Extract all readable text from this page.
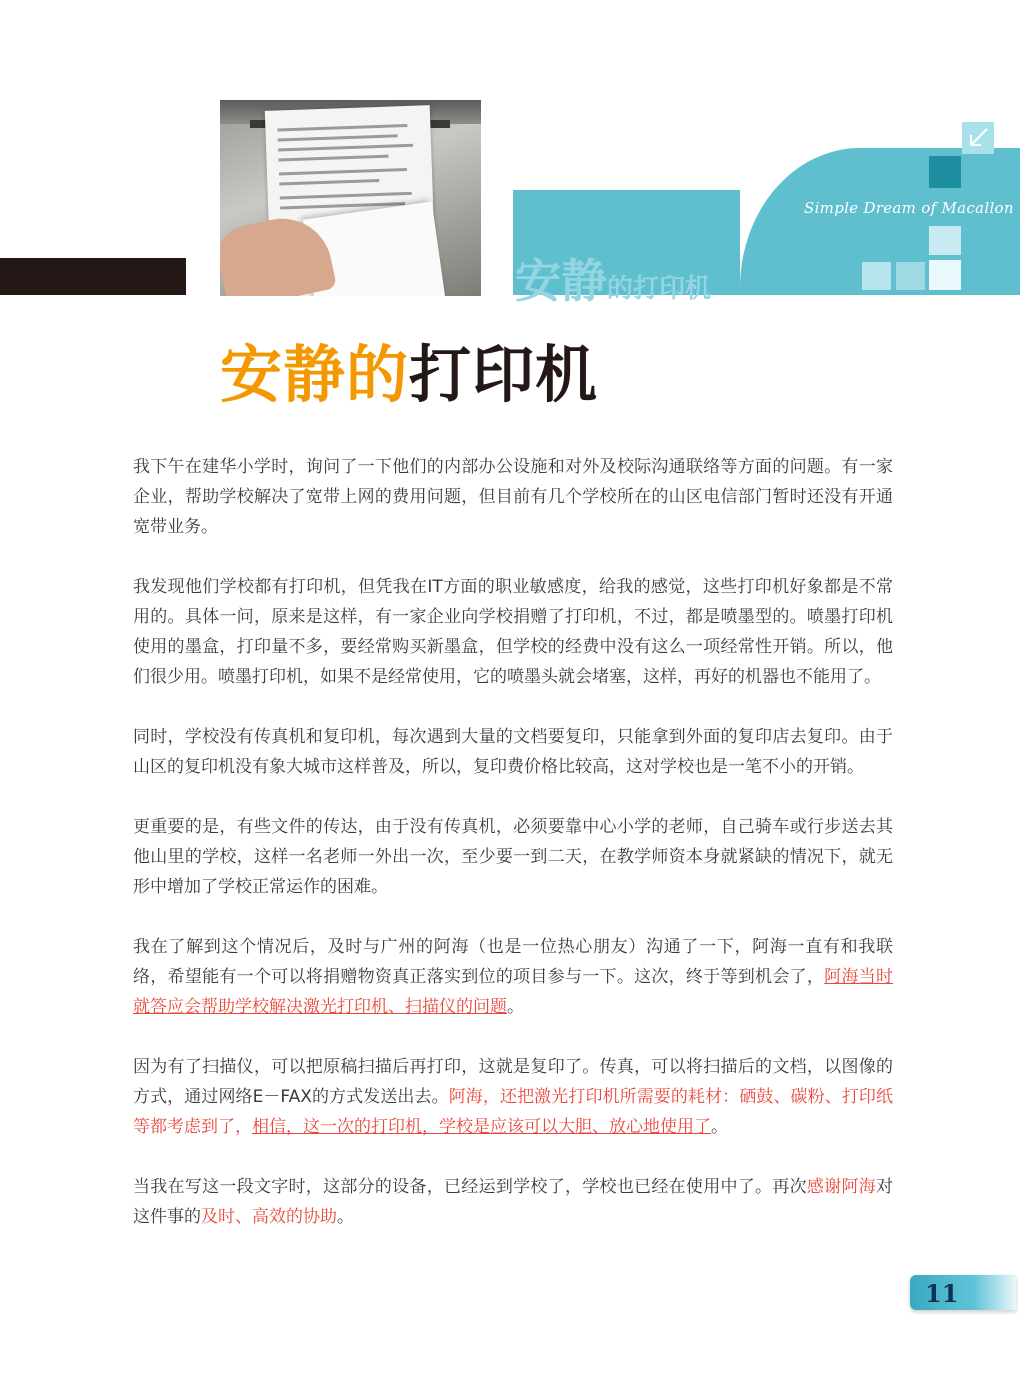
安静的打印机
Simple Dream of Macallon
安静的打印机

我下午在建华小学时，询问了一下他们的内部办公设施和对外及校际沟通联络等方面的问题。有一家企业，帮助学校解决了宽带上网的费用问题，但目前有几个学校所在的山区电信部门暂时还没有开通宽带业务。

我发现他们学校都有打印机，但凭我在IT方面的职业敏感度，给我的感觉，这些打印机好象都是不常用的。具体一问，原来是这样，有一家企业向学校捐赠了打印机，不过，都是喷墨型的。喷墨打印机使用的墨盒，打印量不多，要经常购买新墨盒，但学校的经费中没有这么一项经常性开销。所以，他们很少用。喷墨打印机，如果不是经常使用，它的喷墨头就会堵塞，这样，再好的机器也不能用了。

同时，学校没有传真机和复印机，每次遇到大量的文档要复印，只能拿到外面的复印店去复印。由于山区的复印机没有象大城市这样普及，所以，复印费价格比较高，这对学校也是一笔不小的开销。

更重要的是，有些文件的传达，由于没有传真机，必须要靠中心小学的老师，自己骑车或行步送去其他山里的学校，这样一名老师一外出一次，至少要一到二天，在教学师资本身就紧缺的情况下，就无形中增加了学校正常运作的困难。

我在了解到这个情况后，及时与广州的阿海（也是一位热心朋友）沟通了一下，阿海一直有和我联络，希望能有一个可以将捐赠物资真正落实到位的项目参与一下。这次，终于等到机会了，阿海当时就答应会帮助学校解决激光打印机、扫描仪的问题。

因为有了扫描仪，可以把原稿扫描后再打印，这就是复印了。传真，可以将扫描后的文档，以图像的方式，通过网络E－FAX的方式发送出去。阿海，还把激光打印机所需要的耗材：硒鼓、碳粉、打印纸等都考虑到了，相信，这一次的打印机，学校是应该可以大胆、放心地使用了。

当我在写这一段文字时，这部分的设备，已经运到学校了，学校也已经在使用中了。再次感谢阿海对这件事的及时、高效的协助。

11
